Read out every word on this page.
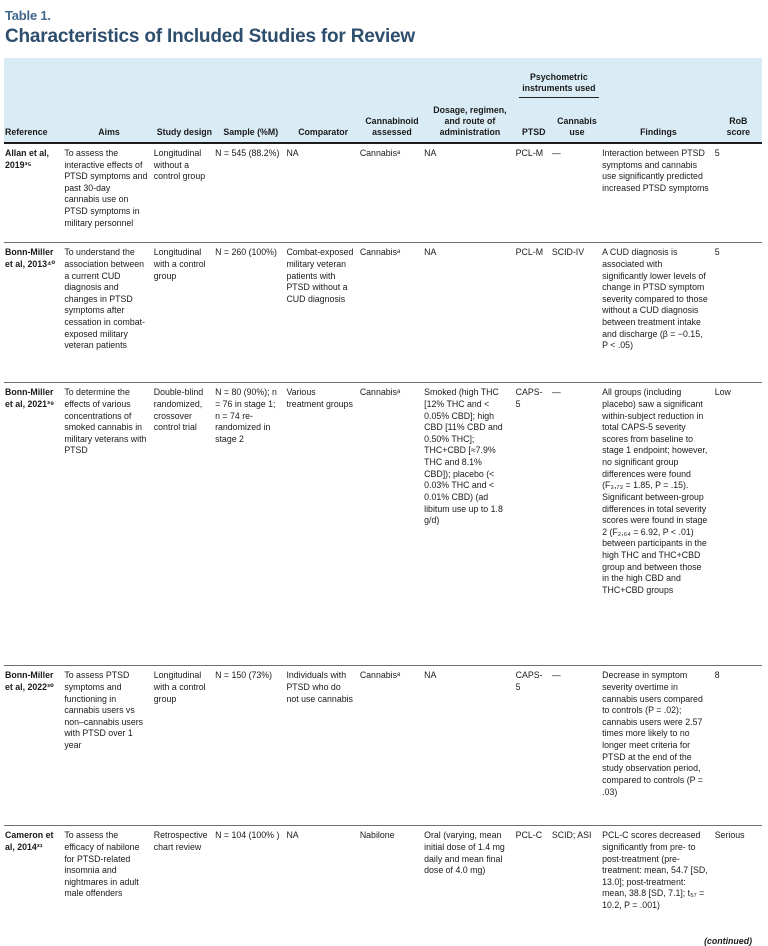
Table 1.
Characteristics of Included Studies for Review

							Psychometric instruments used			

Reference	Aims	Study design	Sample (%M)	Comparator	Cannabinoid assessed	Dosage, regimen, and route of administration	PTSD	Cannabis use	Findings	RoB score
Allan et al, 2019³⁵	To assess the interactive effects of PTSD symptoms and past 30-day cannabis use on PTSD symptoms in military personnel	Longitudinal without a control group	N = 545 (88.2%)	NA	Cannabisᵃ	NA	PCL-M	—	Interaction between PTSD symptoms and cannabis use significantly predicted increased PTSD symptoms	5
Bonn-Miller et al, 2013⁴⁰	To understand the association between a current CUD diagnosis and changes in PTSD symptoms after cessation in combat-exposed military veteran patients	Longitudinal with a control group	N = 260 (100%)	Combat-exposed military veteran patients with PTSD without a CUD diagnosis	Cannabisᵃ	NA	PCL-M	SCID-IV	A CUD diagnosis is associated with significantly lower levels of change in PTSD symptom severity compared to those without a CUD diagnosis between treatment intake and discharge (β = −0.15, P < .05)	5
Bonn-Miller et al, 2021³⁹	To determine the effects of various concentrations of smoked cannabis in military veterans with PTSD	Double-blind randomized, crossover control trial	N = 80 (90%); n = 76 in stage 1; n = 74 re-randomized in stage 2	Various treatment groups	Cannabisᵃ	Smoked (high THC [12% THC and < 0.05% CBD]; high CBD [11% CBD and 0.50% THC]; THC+CBD [≈7.9% THC and 8.1% CBD]); placebo (< 0.03% THC and < 0.01% CBD) (ad libitum use up to 1.8 g/d)	CAPS-5	—	All groups (including placebo) saw a significant within-subject reduction in total CAPS-5 severity scores from baseline to stage 1 endpoint; however, no significant group differences were found (F₃,₇₃ = 1.85, P = .15). Significant between-group differences in total severity scores were found in stage 2 (F₂,₆₄ = 6.92, P < .01) between participants in the high THC and THC+CBD group and between those in the high CBD and THC+CBD groups	Low
Bonn-Miller et al, 2022³⁰	To assess PTSD symptoms and functioning in cannabis users vs non–cannabis users with PTSD over 1 year	Longitudinal with a control group	N = 150 (73%)	Individuals with PTSD who do not use cannabis	Cannabisᵃ	NA	CAPS-5	—	Decrease in symptom severity overtime in cannabis users compared to controls (P = .02); cannabis users were 2.57 times more likely to no longer meet criteria for PTSD at the end of the study observation period, compared to controls (P = .03)	8
Cameron et al, 2014³¹	To assess the efficacy of nabilone for PTSD-related insomnia and nightmares in adult male offenders	Retrospective chart review	N = 104 (100% )	NA	Nabilone	Oral (varying, mean initial dose of 1.4 mg daily and mean final dose of 4.0 mg)	PCL-C	SCID; ASI	PCL-C scores decreased significantly from pre- to post-treatment (pre-treatment: mean, 54.7 [SD, 13.0]; post-treatment: mean, 38.8 [SD, 7.1]; t₅₇ = 10.2, P = .001)	Serious
(continued)
